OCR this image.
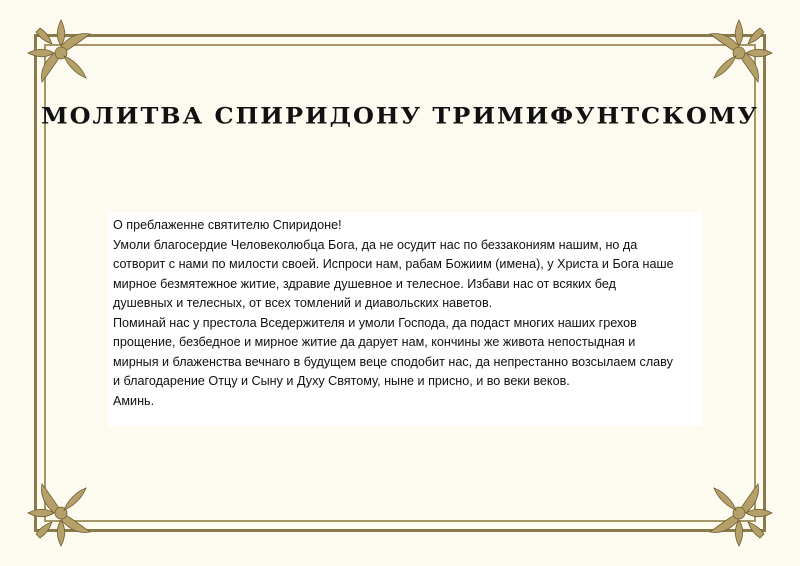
МОЛИТВА СПИРИДОНУ ТРИМИФУНТСКОМУ
О преблаженне святителю Спиридоне!
Умоли благосердие Человеколюбца Бога, да не осудит нас по беззакониям нашим, но да
сотворит с нами по милости своей. Испроси нам, рабам Божиим (имена), у Христа и Бога наше
мирное безмятежное житие, здравие душевное и телесное. Избави нас от всяких бед
душевных и телесных, от всех томлений и диавольских наветов.
Поминай нас у престола Вседержителя и умоли Господа, да подаст многих наших грехов
прощение, безбедное и мирное житие да дарует нам, кончины же живота непостыдная и
мирныя и блаженства вечнаго в будущем веце сподобит нас, да непрестанно возсылаем славу
и благодарение Отцу и Сыну и Духу Святому, ныне и присно, и во веки веков.
Аминь.
